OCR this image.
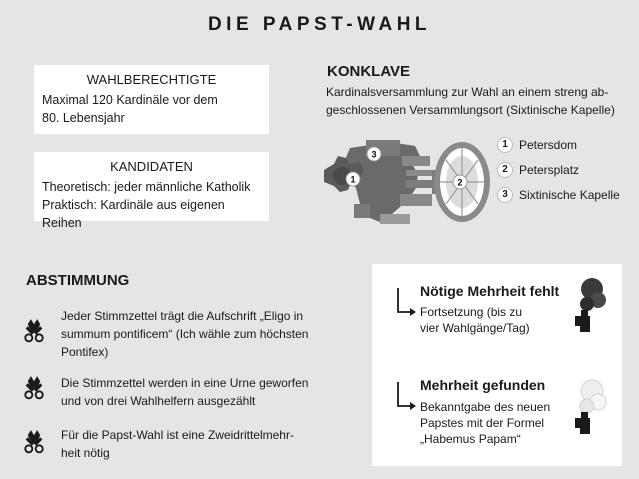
DIE PAPST-WAHL
WAHLBERECHTIGTE
Maximal 120 Kardinäle vor dem
80. Lebensjahr
KANDIDATEN
Theoretisch: jeder männliche Katholik
Praktisch: Kardinäle aus eigenen Reihen
KONKLAVE
Kardinalsversammlung zur Wahl an einem streng ab-
geschlossenen Versammlungsort (Sixtinische Kapelle)
3
1	2
1 Petersdom
2 Petersplatz
3 Sixtinische Kapelle
ABSTIMMUNG
Jeder Stimmzettel trägt die Aufschrift „Eligo in
summum pontificem“ (Ich wähle zum höchsten
Pontifex)
Die Stimmzettel werden in eine Urne geworfen
und von drei Wahlhelfern ausgezählt
Für die Papst-Wahl ist eine Zweidrittelmehr-
heit nötig
Nötige Mehrheit fehlt
Fortsetzung (bis zu
vier Wahlgänge/Tag)
Mehrheit gefunden
Bekanntgabe des neuen
Papstes mit der Formel
„Habemus Papam“
